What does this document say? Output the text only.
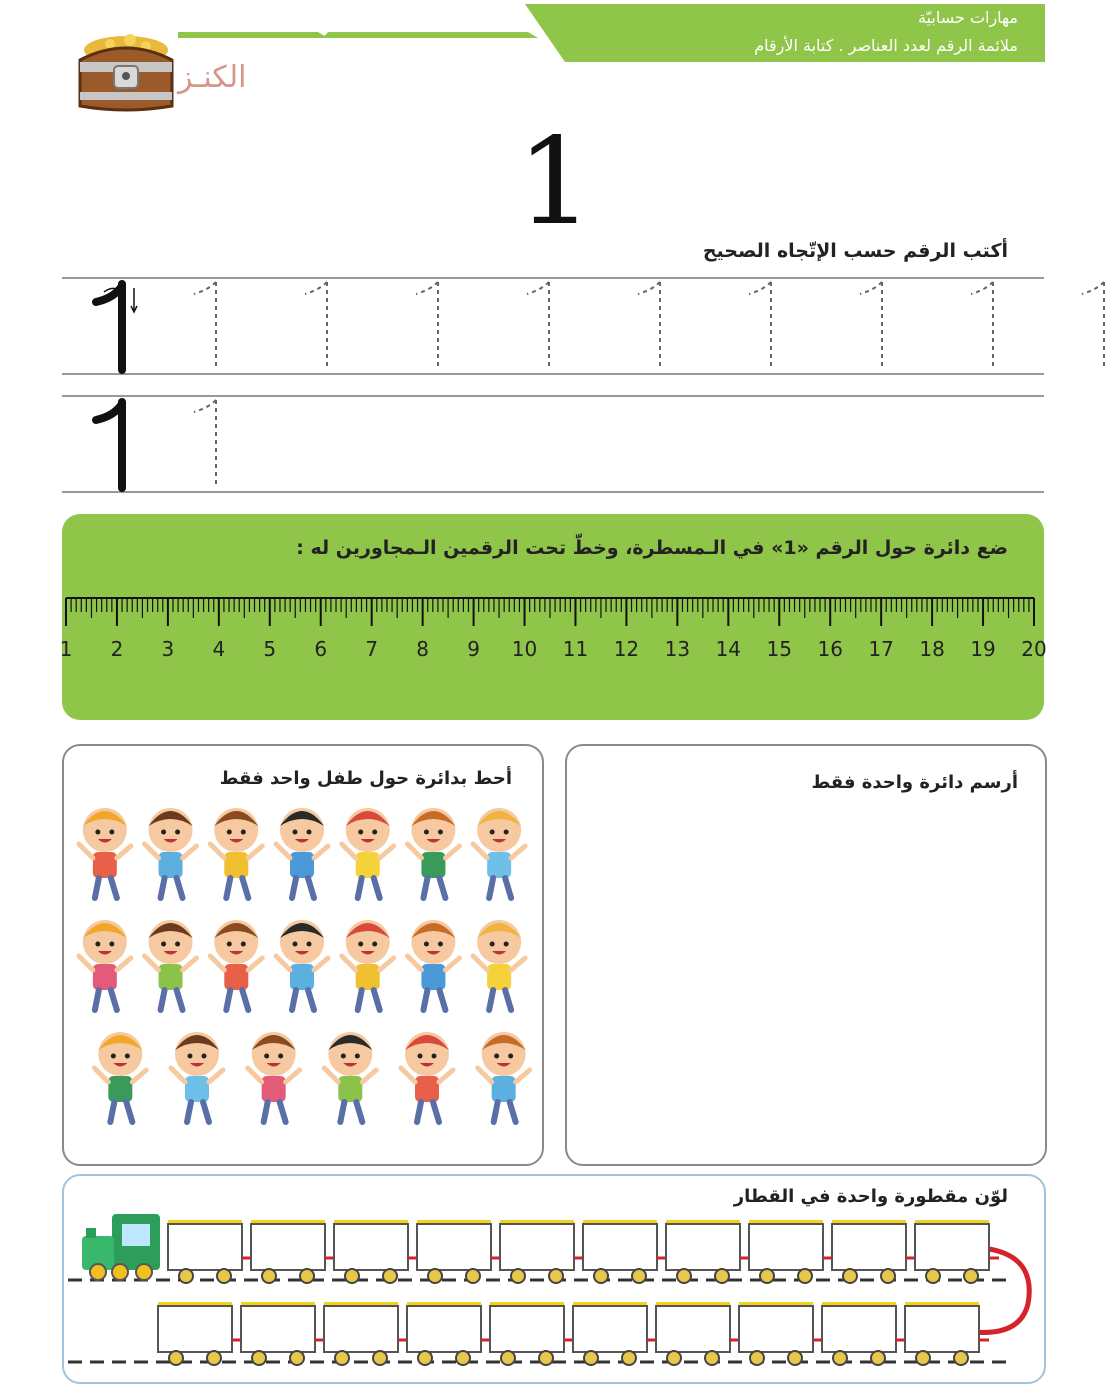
مهارات حسابيّة
ملائمة الرقم لعدد العناصر . كتابة الأرقام
الكنـز
1	أكتب الرقم حسب الإتّجاه الصحيح
ضع دائرة حول الرقم «1» في الـمسطرة، وخطّ تحت الرقمين الـمجاورين له :
1 2 3 4 5 6 7 8 9 10 11 12 13 14 15 16 17 18 19 20
أحط بدائرة حول طفل واحد فقط	أرسم دائرة واحدة فقط
لوّن مقطورة واحدة في القطار
